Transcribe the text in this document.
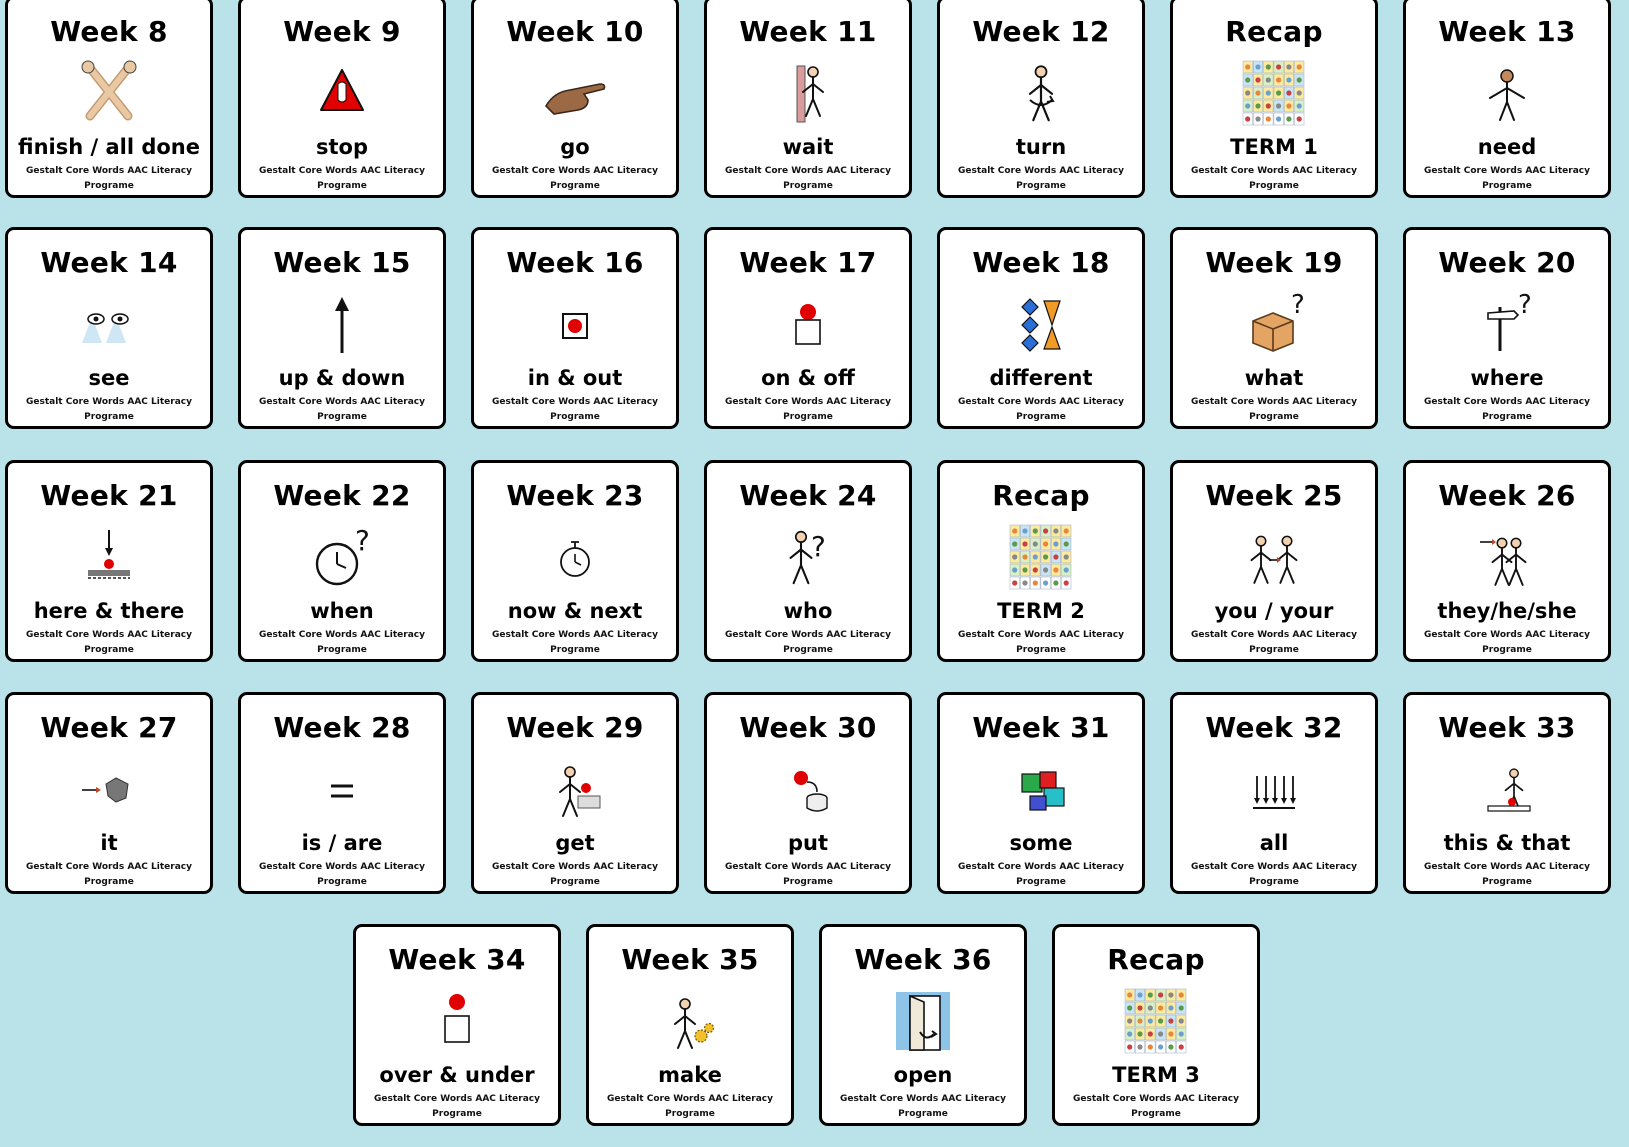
Week 8
finish / all done
Gestalt Core Words AAC Literacy Programe
Week 9
stop
Gestalt Core Words AAC Literacy Programe
Week 10
go
Gestalt Core Words AAC Literacy Programe
Week 11
wait
Gestalt Core Words AAC Literacy Programe
Week 12
turn
Gestalt Core Words AAC Literacy Programe
Recap
TERM 1
Gestalt Core Words AAC Literacy Programe
Week 13
need
Gestalt Core Words AAC Literacy Programe
Week 14
see
Gestalt Core Words AAC Literacy Programe
Week 15
up & down
Gestalt Core Words AAC Literacy Programe
Week 16
in & out
Gestalt Core Words AAC Literacy Programe
Week 17
on & off
Gestalt Core Words AAC Literacy Programe
Week 18
different
Gestalt Core Words AAC Literacy Programe
Week 19
?
what
Gestalt Core Words AAC Literacy Programe
Week 20
?
where
Gestalt Core Words AAC Literacy Programe
Week 21
here & there
Gestalt Core Words AAC Literacy Programe
Week 22
?
when
Gestalt Core Words AAC Literacy Programe
Week 23
now & next
Gestalt Core Words AAC Literacy Programe
Week 24
?
who
Gestalt Core Words AAC Literacy Programe
Recap
TERM 2
Gestalt Core Words AAC Literacy Programe
Week 25
you / your
Gestalt Core Words AAC Literacy Programe
Week 26
they/he/she
Gestalt Core Words AAC Literacy Programe
Week 27
it
Gestalt Core Words AAC Literacy Programe
Week 28
is / are
Gestalt Core Words AAC Literacy Programe
Week 29
get
Gestalt Core Words AAC Literacy Programe
Week 30
put
Gestalt Core Words AAC Literacy Programe
Week 31
some
Gestalt Core Words AAC Literacy Programe
Week 32
all
Gestalt Core Words AAC Literacy Programe
Week 33
this & that
Gestalt Core Words AAC Literacy Programe
Week 34
over & under
Gestalt Core Words AAC Literacy Programe
Week 35
make
Gestalt Core Words AAC Literacy Programe
Week 36
open
Gestalt Core Words AAC Literacy Programe
Recap
TERM 3
Gestalt Core Words AAC Literacy Programe
